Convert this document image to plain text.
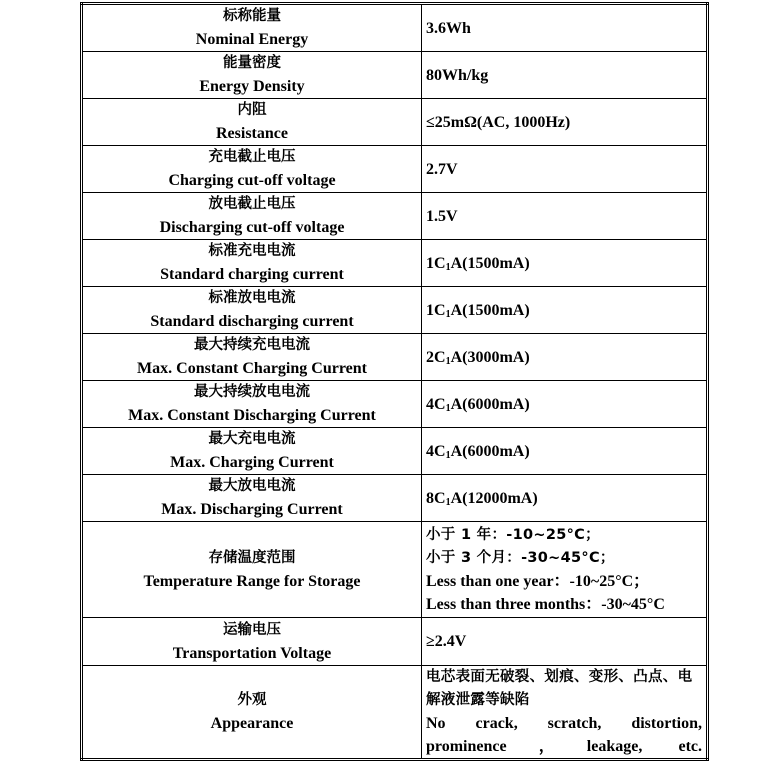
标称能量
Nominal Energy	3.6Wh

能量密度
Energy Density	80Wh/kg

内阻
Resistance	≤25mΩ(AC, 1000Hz)

充电截止电压
Charging cut-off voltage	2.7V

放电截止电压
Discharging cut-off voltage	1.5V

标准充电电流
Standard charging current	$1C_1A(1500mA)$

标准放电电流
Standard discharging current	$1C_1A(1500mA)$

最大持续充电电流
Max. Constant Charging Current	$2C_1A(3000mA)$

最大持续放电电流
Max. Constant Discharging Current	$4C_1A(6000mA)$

最大充电电流
Max. Charging Current	$4C_1A(6000mA)$

最大放电电流
Max. Discharging Current	$8C_1A(12000mA)$

存储温度范围
Temperature Range for Storage	小于 1 年：-10~25°C；
小于 3 个月：-30~45°C；
Less than one year：-10~25°C；
Less than three months：-30~45°C

运输电压
Transportation Voltage	≥2.4V

外观
Appearance	电芯表面无破裂、划痕、变形、凸点、电解液泄露等缺陷
No crack, scratch, distortion, prominence，leakage, etc.
